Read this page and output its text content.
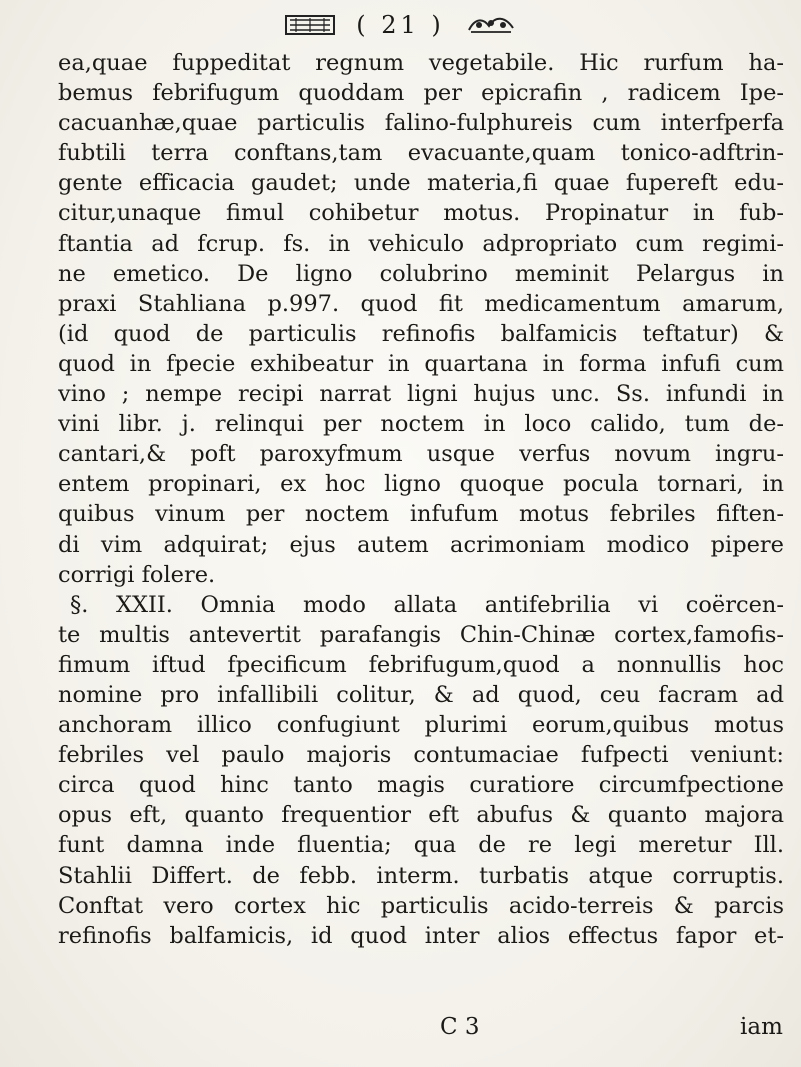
( 21 )
ea,quae fuppeditat regnum vegetabile. Hic rurfum ha-
bemus febrifugum quoddam per epicrafin , radicem Ipe-
cacuanhæ,quae particulis falino-fulphureis cum interfperfa
fubtili terra conftans,tam evacuante,quam tonico-adftrin-
gente efficacia gaudet; unde materia,fi quae fupereft edu-
citur,unaque fimul cohibetur motus. Propinatur in fub-
ftantia ad fcrup. fs. in vehiculo adpropriato cum regimi-
ne emetico. De ligno colubrino meminit Pelargus in
praxi Stahliana p.997. quod fit medicamentum amarum,
(id quod de particulis refinofis balfamicis teftatur) &
quod in fpecie exhibeatur in quartana in forma infufi cum
vino ; nempe recipi narrat ligni hujus unc. Ss. infundi in
vini libr. j. relinqui per noctem in loco calido, tum de-
cantari,& poft paroxyfmum usque verfus novum ingru-
entem propinari, ex hoc ligno quoque pocula tornari, in
quibus vinum per noctem infufum motus febriles fiften-
di vim adquirat; ejus autem acrimoniam modico pipere
corrigi folere.
§. XXII. Omnia modo allata antifebrilia vi coërcen-
te multis antevertit parafangis Chin-Chinæ cortex,famofis-
fimum iftud fpecificum febrifugum,quod a nonnullis hoc
nomine pro infallibili colitur, & ad quod, ceu facram ad
anchoram illico confugiunt plurimi eorum,quibus motus
febriles vel paulo majoris contumaciae fufpecti veniunt:
circa quod hinc tanto magis curatiore circumfpectione
opus eft, quanto frequentior eft abufus & quanto majora
funt damna inde fluentia; qua de re legi meretur Ill.
Stahlii Differt. de febb. interm. turbatis atque corruptis.
Conftat vero cortex hic particulis acido-terreis & parcis
refinofis balfamicis, id quod inter alios effectus fapor et-
C 3	iam
